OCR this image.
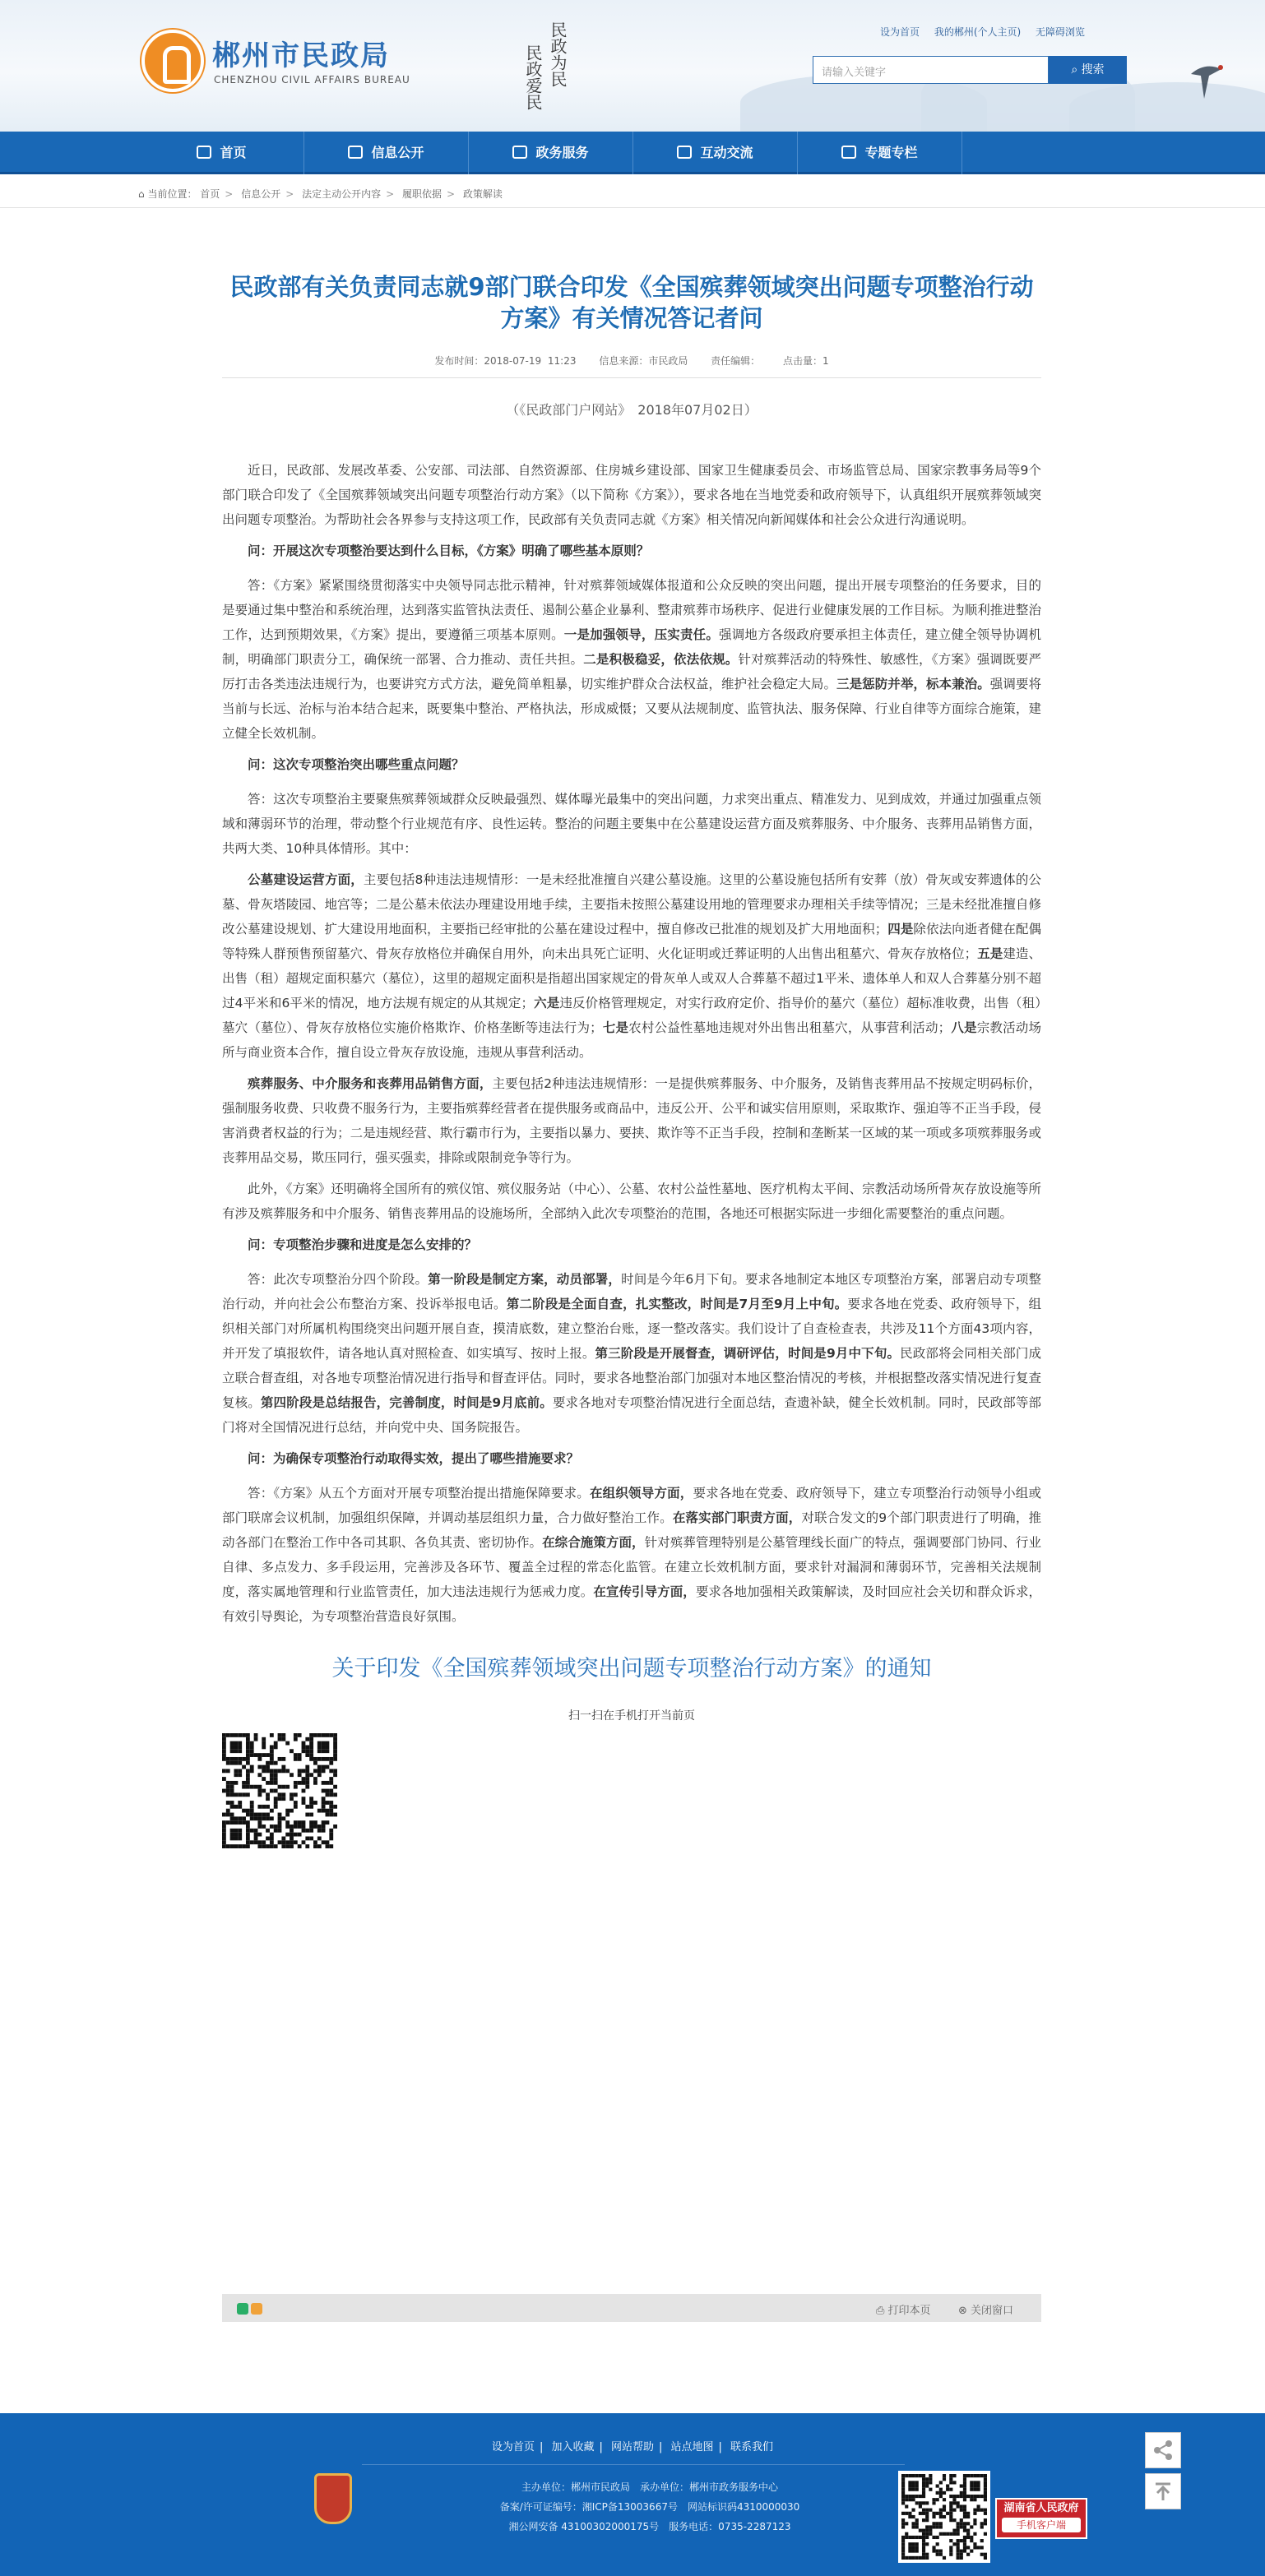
郴州市民政局
CHENZHOU CIVIL AFFAIRS BUREAU	民政为民
民政爱民
设为首页 我的郴州(个人主页) 无障碍浏览
请输入关键字	⌕ 搜索
首页	信息公开	政务服务	互动交流	专题专栏
⌂ 当前位置： 首页 > 信息公开 > 法定主动公开内容 > 履职依据 > 政策解读
民政部有关负责同志就9部门联合印发《全国殡葬领域突出问题专项整治行动方案》有关情况答记者问
发布时间：2018-07-19 11:23 信息来源：市民政局 责任编辑： 点击量：1
（《民政部门户网站》　2018年07月02日）

近日，民政部、发展改革委、公安部、司法部、自然资源部、住房城乡建设部、国家卫生健康委员会、市场监管总局、国家宗教事务局等9个部门联合印发了《全国殡葬领域突出问题专项整治行动方案》（以下简称《方案》），要求各地在当地党委和政府领导下，认真组织开展殡葬领域突出问题专项整治。为帮助社会各界参与支持这项工作，民政部有关负责同志就《方案》相关情况向新闻媒体和社会公众进行沟通说明。

问：开展这次专项整治要达到什么目标，《方案》明确了哪些基本原则？

答：《方案》紧紧围绕贯彻落实中央领导同志批示精神，针对殡葬领域媒体报道和公众反映的突出问题，提出开展专项整治的任务要求，目的是要通过集中整治和系统治理，达到落实监管执法责任、遏制公墓企业暴利、整肃殡葬市场秩序、促进行业健康发展的工作目标。为顺利推进整治工作，达到预期效果，《方案》提出，要遵循三项基本原则。一是加强领导，压实责任。强调地方各级政府要承担主体责任，建立健全领导协调机制，明确部门职责分工，确保统一部署、合力推动、责任共担。二是积极稳妥，依法依规。针对殡葬活动的特殊性、敏感性，《方案》强调既要严厉打击各类违法违规行为，也要讲究方式方法，避免简单粗暴，切实维护群众合法权益，维护社会稳定大局。三是惩防并举，标本兼治。强调要将当前与长远、治标与治本结合起来，既要集中整治、严格执法，形成威慑；又要从法规制度、监管执法、服务保障、行业自律等方面综合施策，建立健全长效机制。

问：这次专项整治突出哪些重点问题？

答：这次专项整治主要聚焦殡葬领域群众反映最强烈、媒体曝光最集中的突出问题，力求突出重点、精准发力、见到成效，并通过加强重点领域和薄弱环节的治理，带动整个行业规范有序、良性运转。整治的问题主要集中在公墓建设运营方面及殡葬服务、中介服务、丧葬用品销售方面，共两大类、10种具体情形。其中：

公墓建设运营方面，主要包括8种违法违规情形：一是未经批准擅自兴建公墓设施。这里的公墓设施包括所有安葬（放）骨灰或安葬遗体的公墓、骨灰塔陵园、地宫等；二是公墓未依法办理建设用地手续，主要指未按照公墓建设用地的管理要求办理相关手续等情况；三是未经批准擅自修改公墓建设规划、扩大建设用地面积，主要指已经审批的公墓在建设过程中，擅自修改已批准的规划及扩大用地面积；四是除依法向逝者健在配偶等特殊人群预售预留墓穴、骨灰存放格位并确保自用外，向未出具死亡证明、火化证明或迁葬证明的人出售出租墓穴、骨灰存放格位；五是建造、出售（租）超规定面积墓穴（墓位），这里的超规定面积是指超出国家规定的骨灰单人或双人合葬墓不超过1平米、遗体单人和双人合葬墓分别不超过4平米和6平米的情况，地方法规有规定的从其规定；六是违反价格管理规定，对实行政府定价、指导价的墓穴（墓位）超标准收费，出售（租）墓穴（墓位）、骨灰存放格位实施价格欺诈、价格垄断等违法行为；七是农村公益性墓地违规对外出售出租墓穴，从事营利活动；八是宗教活动场所与商业资本合作，擅自设立骨灰存放设施，违规从事营利活动。

殡葬服务、中介服务和丧葬用品销售方面，主要包括2种违法违规情形：一是提供殡葬服务、中介服务，及销售丧葬用品不按规定明码标价，强制服务收费、只收费不服务行为，主要指殡葬经营者在提供服务或商品中，违反公开、公平和诚实信用原则，采取欺诈、强迫等不正当手段，侵害消费者权益的行为；二是违规经营、欺行霸市行为，主要指以暴力、要挟、欺诈等不正当手段，控制和垄断某一区域的某一项或多项殡葬服务或丧葬用品交易，欺压同行，强买强卖，排除或限制竞争等行为。

此外，《方案》还明确将全国所有的殡仪馆、殡仪服务站（中心）、公墓、农村公益性墓地、医疗机构太平间、宗教活动场所骨灰存放设施等所有涉及殡葬服务和中介服务、销售丧葬用品的设施场所，全部纳入此次专项整治的范围，各地还可根据实际进一步细化需要整治的重点问题。

问：专项整治步骤和进度是怎么安排的？

答：此次专项整治分四个阶段。第一阶段是制定方案，动员部署，时间是今年6月下旬。要求各地制定本地区专项整治方案，部署启动专项整治行动，并向社会公布整治方案、投诉举报电话。第二阶段是全面自查，扎实整改，时间是7月至9月上中旬。要求各地在党委、政府领导下，组织相关部门对所属机构围绕突出问题开展自查，摸清底数，建立整治台账，逐一整改落实。我们设计了自查检查表，共涉及11个方面43项内容，并开发了填报软件，请各地认真对照检查、如实填写、按时上报。第三阶段是开展督查，调研评估，时间是9月中下旬。民政部将会同相关部门成立联合督查组，对各地专项整治情况进行指导和督查评估。同时，要求各地整治部门加强对本地区整治情况的考核，并根据整改落实情况进行复查复核。第四阶段是总结报告，完善制度，时间是9月底前。要求各地对专项整治情况进行全面总结，查遗补缺，健全长效机制。同时，民政部等部门将对全国情况进行总结，并向党中央、国务院报告。

问：为确保专项整治行动取得实效，提出了哪些措施要求？

答：《方案》从五个方面对开展专项整治提出措施保障要求。在组织领导方面，要求各地在党委、政府领导下，建立专项整治行动领导小组或部门联席会议机制，加强组织保障，并调动基层组织力量，合力做好整治工作。在落实部门职责方面，对联合发文的9个部门职责进行了明确，推动各部门在整治工作中各司其职、各负其责、密切协作。在综合施策方面，针对殡葬管理特别是公墓管理线长面广的特点，强调要部门协同、行业自律、多点发力、多手段运用，完善涉及各环节、覆盖全过程的常态化监管。在建立长效机制方面，要求针对漏洞和薄弱环节，完善相关法规制度，落实属地管理和行业监管责任，加大违法违规行为惩戒力度。在宣传引导方面，要求各地加强相关政策解读，及时回应社会关切和群众诉求，有效引导舆论，为专项整治营造良好氛围。

关于印发《全国殡葬领域突出问题专项整治行动方案》的通知
扫一扫在手机打开当前页
⎙ 打印本页	⊗ 关闭窗口
设为首页 | 加入收藏 | 网站帮助 | 站点地图 | 联系我们
主办单位：郴州市民政局　承办单位：郴州市政务服务中心
备案/许可证编号：湘ICP备13003667号　网站标识码4310000030
湘公网安备 43100302000175号　服务电话：0735-2287123
湖南省人民政府
手机客户端
